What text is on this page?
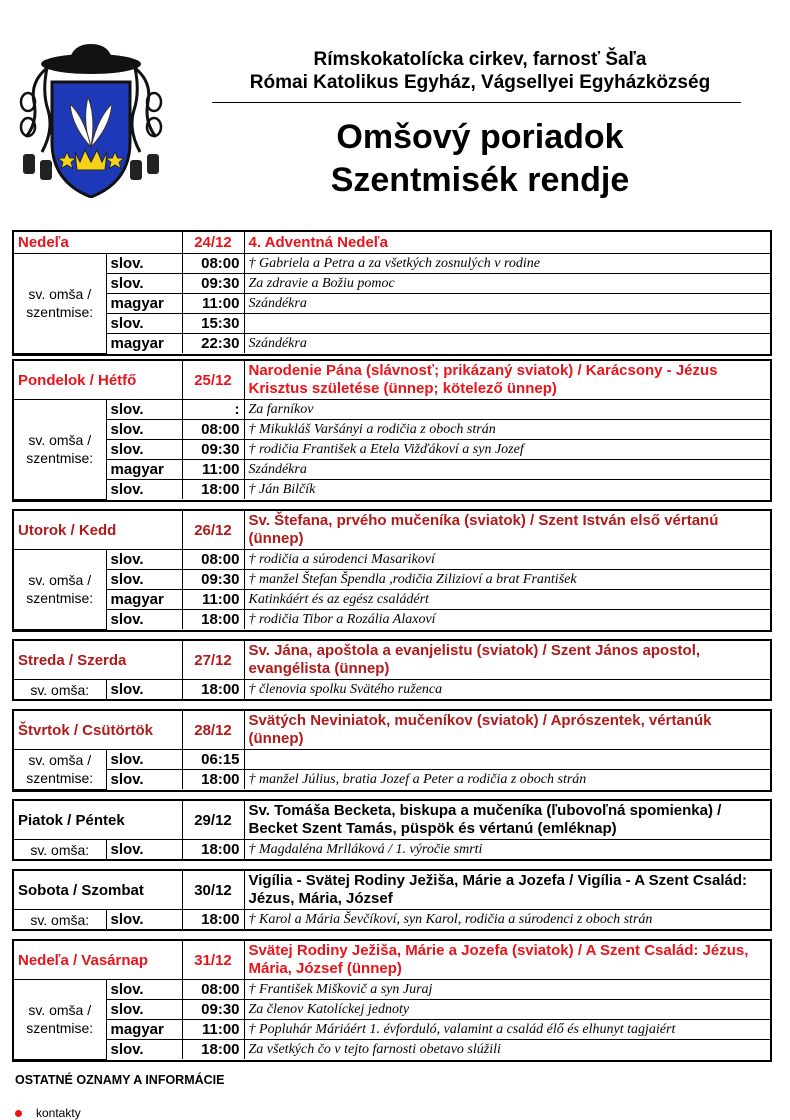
Rímskokatolícka cirkev, farnosť Šaľa
Római Katolikus Egyház, Vágsellyei Egyházközség
Omšový poriadok
Szentmisék rendje
Nedeľa		24/12	4. Adventná Nedeľa
sv. omša / szentmise:	slov.	08:00	† Gabriela a Petra a za všetkých zosnulých v rodine
	slov.	09:30	Za zdravie a Božiu pomoc
	magyar	11:00	Szándékra
	slov.	15:30	
	magyar	22:30	Szándékra
Pondelok / Hétfő		25/12	Narodenie Pána (slávnosť; prikázaný sviatok) / Karácsony - Jézus Krisztus születése (ünnep; kötelező ünnep)
sv. omša / szentmise:	slov.	:	Za farníkov
	slov.	08:00	† Mikukláš Varšányi a rodičia z oboch strán
	slov.	09:30	† rodičia František a Etela Vižďákoví a syn Jozef
	magyar	11:00	Szándékra
	slov.	18:00	† Ján Bilčík
Utorok / Kedd		26/12	Sv. Štefana, prvého mučeníka (sviatok) / Szent István első vértanú (ünnep)
sv. omša / szentmise:	slov.	08:00	† rodičia a súrodenci Masarikoví
	slov.	09:30	† manžel Štefan Špendla ,rodičia Zilizioví a brat František
	magyar	11:00	Katinkáért és az egész családért
	slov.	18:00	† rodičia Tibor a Rozália Alaxoví
Streda / Szerda		27/12	Sv. Jána, apoštola a evanjelistu (sviatok) / Szent János apostol, evangélista (ünnep)
sv. omša:	slov.	18:00	† členovia spolku Svätého ruženca
Štvrtok / Csütörtök		28/12	Svätých Neviniatok, mučeníkov (sviatok) / Aprószentek, vértanúk (ünnep)
sv. omša / szentmise:	slov.	06:15	
	slov.	18:00	† manžel Július, bratia Jozef a Peter a rodičia z oboch strán
Piatok / Péntek		29/12	Sv. Tomáša Becketa, biskupa a mučeníka (ľubovoľná spomienka) / Becket Szent Tamás, püspök és vértanú (emléknap)
sv. omša:	slov.	18:00	† Magdaléna Mrlláková / 1. výročie smrti
Sobota / Szombat		30/12	Vigília - Svätej Rodiny Ježiša, Márie a Jozefa / Vigília - A Szent Család: Jézus, Mária, József
sv. omša:	slov.	18:00	† Karol a Mária Ševčíkoví, syn Karol, rodičia a súrodenci z oboch strán
Nedeľa / Vasárnap		31/12	Svätej Rodiny Ježiša, Márie a Jozefa (sviatok) / A Szent Család: Jézus, Mária, József (ünnep)
sv. omša / szentmise:	slov.	08:00	† František Miškovič a syn Juraj
	slov.	09:30	Za členov Katolíckej jednoty
	magyar	11:00	† Popluhár Máriáért 1. évforduló, valamint a család élő és elhunyt tagjaiért
	slov.	18:00	Za všetkých čo v tejto farnosti obetavo slúžili
OSTATNÉ OZNAMY A INFORMÁCIE
kontakty
